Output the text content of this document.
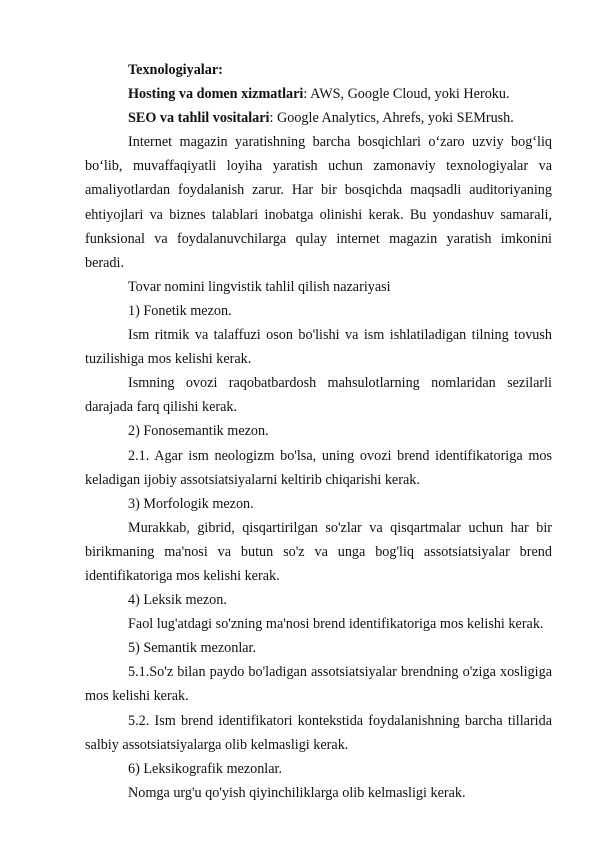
Texnologiyalar:

Hosting va domen xizmatlari: AWS, Google Cloud, yoki Heroku.

SEO va tahlil vositalari: Google Analytics, Ahrefs, yoki SEMrush.

Internet magazin yaratishning barcha bosqichlari o‘zaro uzviy bog‘liq bo‘lib, muvaffaqiyatli loyiha yaratish uchun zamonaviy texnologiyalar va amaliyotlardan foydalanish zarur. Har bir bosqichda maqsadli auditoriyaning ehtiyojlari va biznes talablari inobatga olinishi kerak. Bu yondashuv samarali, funksional va foydalanuvchilarga qulay internet magazin yaratish imkonini beradi.

Tovar nomini lingvistik tahlil qilish nazariyasi

1) Fonetik mezon.

Ism ritmik va talaffuzi oson bo'lishi va ism ishlatiladigan tilning tovush tuzilishiga mos kelishi kerak.

Ismning ovozi raqobatbardosh mahsulotlarning nomlaridan sezilarli darajada farq qilishi kerak.

2) Fonosemantik mezon.

2.1. Agar ism neologizm bo'lsa, uning ovozi brend identifikatoriga mos keladigan ijobiy assotsiatsiyalarni keltirib chiqarishi kerak.

3) Morfologik mezon.

Murakkab, gibrid, qisqartirilgan so'zlar va qisqartmalar uchun har bir birikmaning ma'nosi va butun so'z va unga bog'liq assotsiatsiyalar brend identifikatoriga mos kelishi kerak.

4) Leksik mezon.

Faol lug'atdagi so'zning ma'nosi brend identifikatoriga mos kelishi kerak.

5) Semantik mezonlar.

5.1.So'z bilan paydo bo'ladigan assotsiatsiyalar brendning o'ziga xosligiga mos kelishi kerak.

5.2. Ism brend identifikatori kontekstida foydalanishning barcha tillarida salbiy assotsiatsiyalarga olib kelmasligi kerak.

6) Leksikografik mezonlar.

Nomga urg'u qo'yish qiyinchiliklarga olib kelmasligi kerak.
